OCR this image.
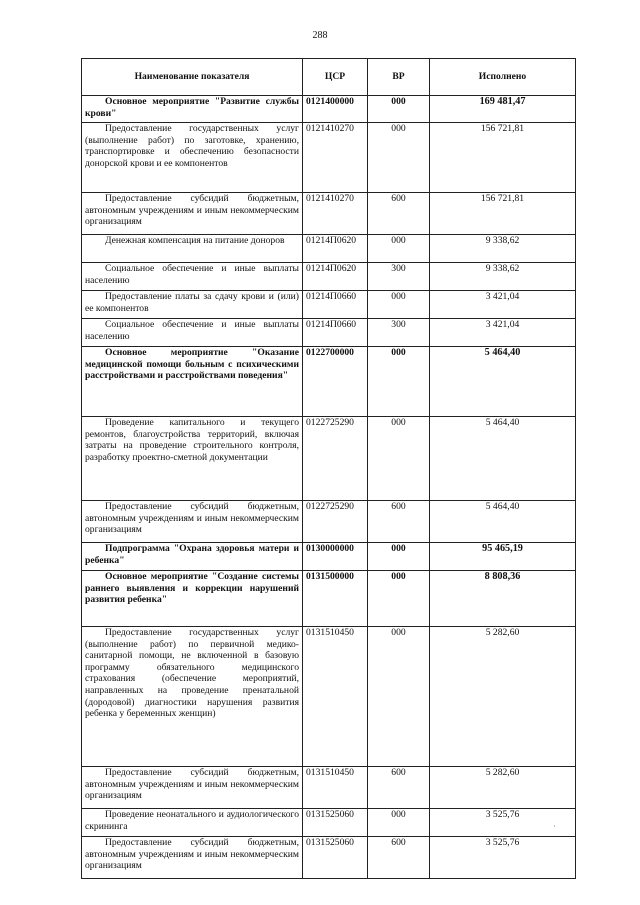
288
Наименование показателя	ЦСР	ВР	Исполнено
Основное мероприятие "Развитие службы крови"	0121400000	000	169 481,47
Предоставление государственных услуг (выполнение работ) по заготовке, хранению, транспортировке и обеспечению безопасности донорской крови и ее компонентов	0121410270	000	156 721,81
Предоставление субсидий бюджетным, автономным учреждениям и иным некоммерческим организациям	0121410270	600	156 721,81
Денежная компенсация на питание доноров	01214П0620	000	9 338,62
Социальное обеспечение и иные выплаты населению	01214П0620	300	9 338,62
Предоставление платы за сдачу крови и (или) ее компонентов	01214П0660	000	3 421,04
Социальное обеспечение и иные выплаты населению	01214П0660	300	3 421,04
Основное мероприятие "Оказание медицинской помощи больным с психическими расстройствами и расстройствами поведения"	0122700000	000	5 464,40
Проведение капитального и текущего ремонтов, благоустройства территорий, включая затраты на проведение строительного контроля, разработку проектно-сметной документации	0122725290	000	5 464,40
Предоставление субсидий бюджетным, автономным учреждениям и иным некоммерческим организациям	0122725290	600	5 464,40
Подпрограмма "Охрана здоровья матери и ребенка"	0130000000	000	95 465,19
Основное мероприятие "Создание системы раннего выявления и коррекции нарушений развития ребенка"	0131500000	000	8 808,36
Предоставление государственных услуг (выполнение работ) по первичной медико-санитарной помощи, не включенной в базовую программу обязательного медицинского страхования (обеспечение мероприятий, направленных на проведение пренатальной (дородовой) диагностики нарушения развития ребенка у беременных женщин)	0131510450	000	5 282,60
Предоставление субсидий бюджетным, автономным учреждениям и иным некоммерческим организациям	0131510450	600	5 282,60
Проведение неонатального и аудиологического скрининга	0131525060	000	3 525,76
Предоставление субсидий бюджетным, автономным учреждениям и иным некоммерческим организациям	0131525060	600	3 525,76
·
